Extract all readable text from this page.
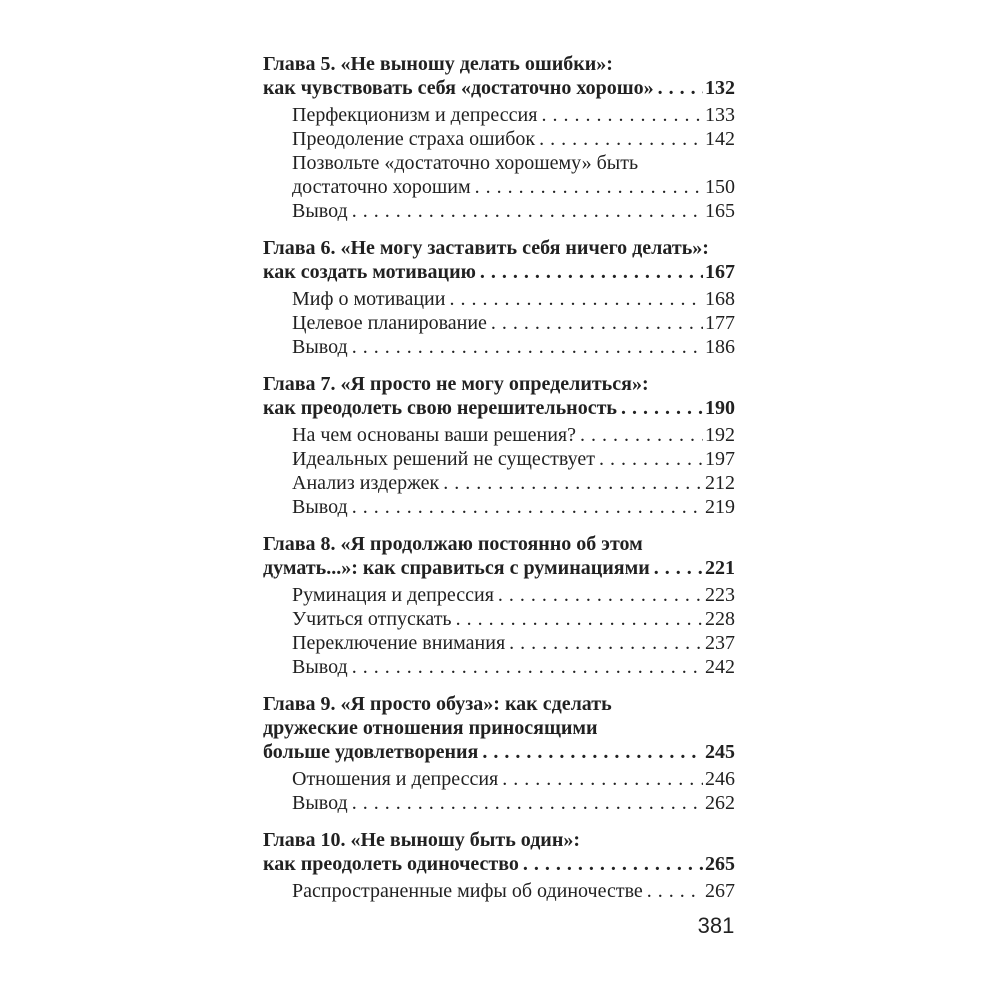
Глава 5. «Не выношу делать ошибки»:
как чувствовать себя «достаточно хорошо» . . .	132
Перфекционизм и депрессия . . .	133
Преодоление страха ошибок . . .	142
Позвольте «достаточно хорошему» быть
достаточно хорошим . . .	150
Вывод . . .	165
Глава 6. «Не могу заставить себя ничего делать»:
как создать мотивацию . . .	167
Миф о мотивации . . .	168
Целевое планирование . . .	177
Вывод . . .	186
Глава 7. «Я просто не могу определиться»:
как преодолеть свою нерешительность . . .	190
На чем основаны ваши решения? . . .	192
Идеальных решений не существует . . .	197
Анализ издержек . . .	212
Вывод . . .	219
Глава 8. «Я продолжаю постоянно об этом
думать...»: как справиться с руминациями . . .	221
Руминация и депрессия . . .	223
Учиться отпускать . . .	228
Переключение внимания . . .	237
Вывод . . .	242
Глава 9. «Я просто обуза»: как сделать
дружеские отношения приносящими
больше удовлетворения . . .	245
Отношения и депрессия . . .	246
Вывод . . .	262
Глава 10. «Не выношу быть один»:
как преодолеть одиночество . . .	265
Распространенные мифы об одиночестве . . .	267
381
